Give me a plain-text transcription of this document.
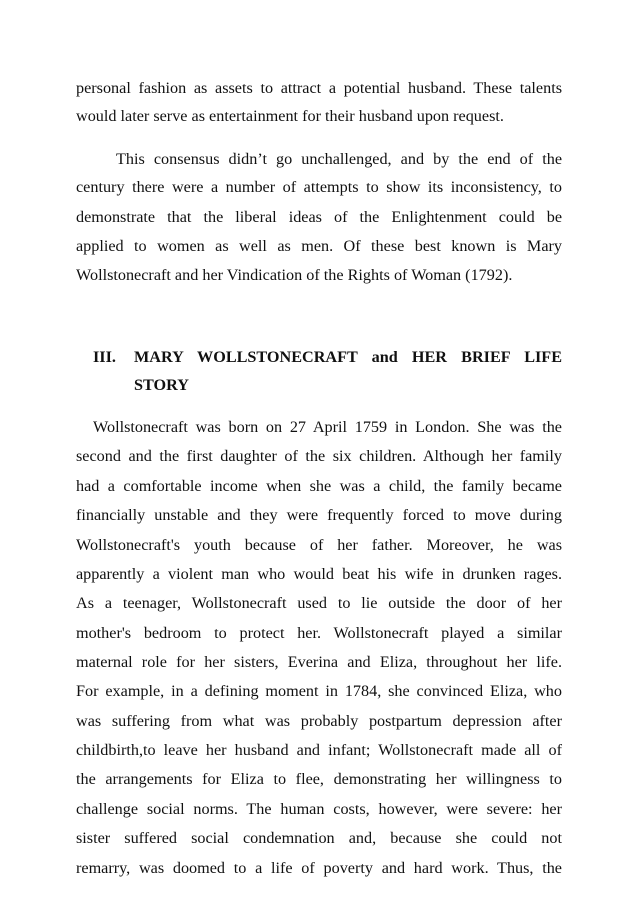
personal fashion as assets to attract a potential husband. These talents
would later serve as entertainment for their husband upon request.
This consensus didn’t go unchallenged, and by the end of the
century there were a number of attempts to show its inconsistency, to
demonstrate that the liberal ideas of the Enlightenment could be
applied to women as well as men. Of these best known is Mary
Wollstonecraft and her Vindication of the Rights of Woman (1792).
III. MARY WOLLSTONECRAFT and HER BRIEF LIFE
STORY
Wollstonecraft was born on 27 April 1759 in London. She was the
second and the first daughter of the six children. Although her family
had a comfortable income when she was a child, the family became
financially unstable and they were frequently forced to move during
Wollstonecraft's youth because of her father. Moreover, he was
apparently a violent man who would beat his wife in drunken rages.
As a teenager, Wollstonecraft used to lie outside the door of her
mother's bedroom to protect her. Wollstonecraft played a similar
maternal role for her sisters, Everina and Eliza, throughout her life.
For example, in a defining moment in 1784, she convinced Eliza, who
was suffering from what was probably postpartum depression after
childbirth,to leave her husband and infant; Wollstonecraft made all of
the arrangements for Eliza to flee, demonstrating her willingness to
challenge social norms. The human costs, however, were severe: her
sister suffered social condemnation and, because she could not
remarry, was doomed to a life of poverty and hard work. Thus, the
